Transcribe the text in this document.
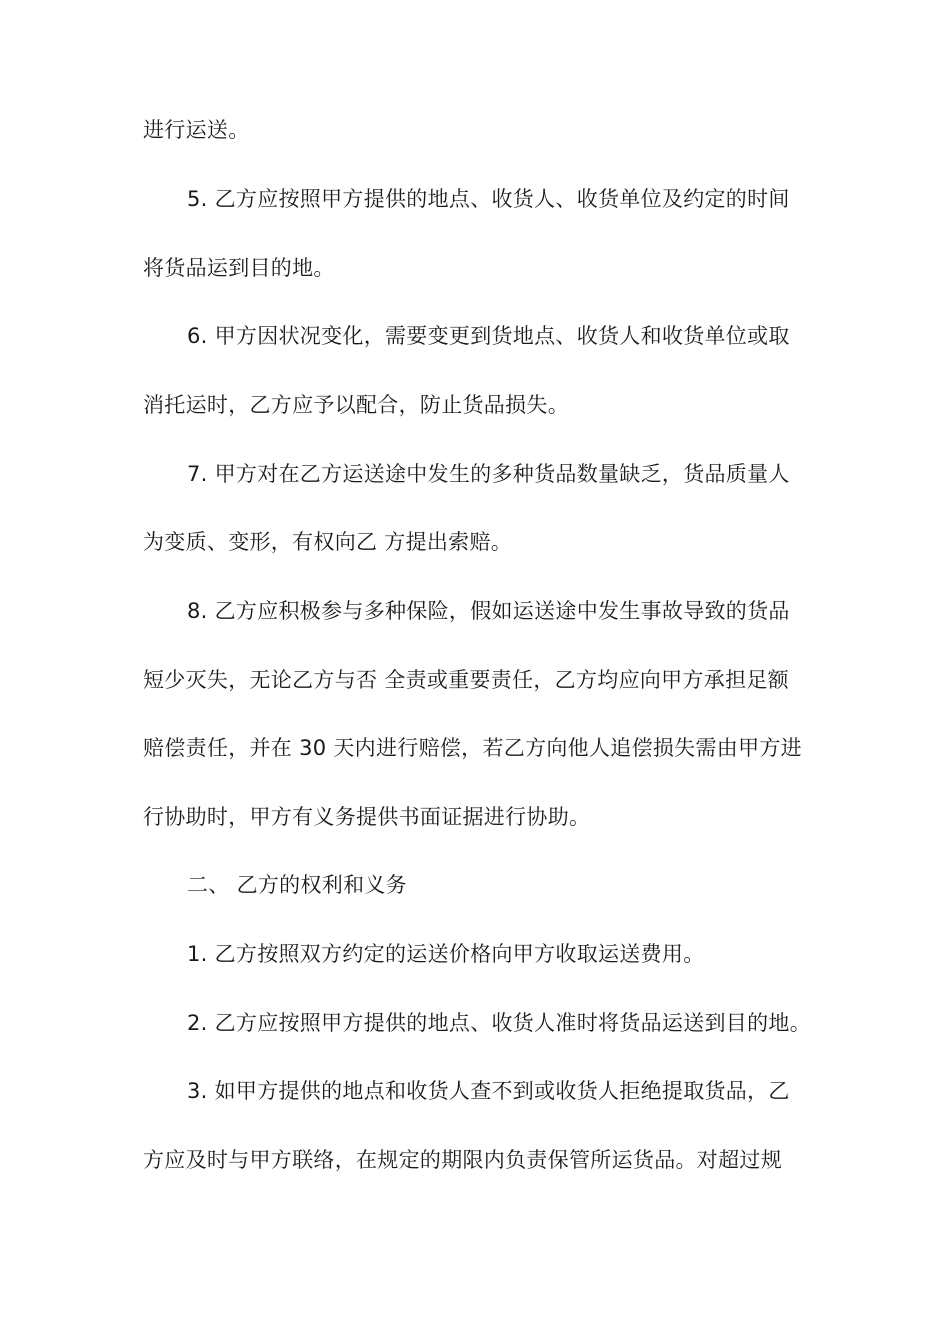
进行运送。
5. 乙方应按照甲方提供的地点、收货人、收货单位及约定的时间
将货品运到目的地。
6. 甲方因状况变化，需要变更到货地点、收货人和收货单位或取
消托运时，乙方应予以配合，防止货品损失。
7. 甲方对在乙方运送途中发生的多种货品数量缺乏，货品质量人
为变质、变形，有权向乙 方提出索赔。
8. 乙方应积极参与多种保险，假如运送途中发生事故导致的货品
短少灭失，无论乙方与否 全责或重要责任，乙方均应向甲方承担足额
赔偿责任，并在 30 天内进行赔偿，若乙方向他人追偿损失需由甲方进
行协助时，甲方有义务提供书面证据进行协助。
二、 乙方的权利和义务
1. 乙方按照双方约定的运送价格向甲方收取运送费用。
2. 乙方应按照甲方提供的地点、收货人准时将货品运送到目的地。
3. 如甲方提供的地点和收货人查不到或收货人拒绝提取货品，乙
方应及时与甲方联络，在规定的期限内负责保管所运货品。对超过规
